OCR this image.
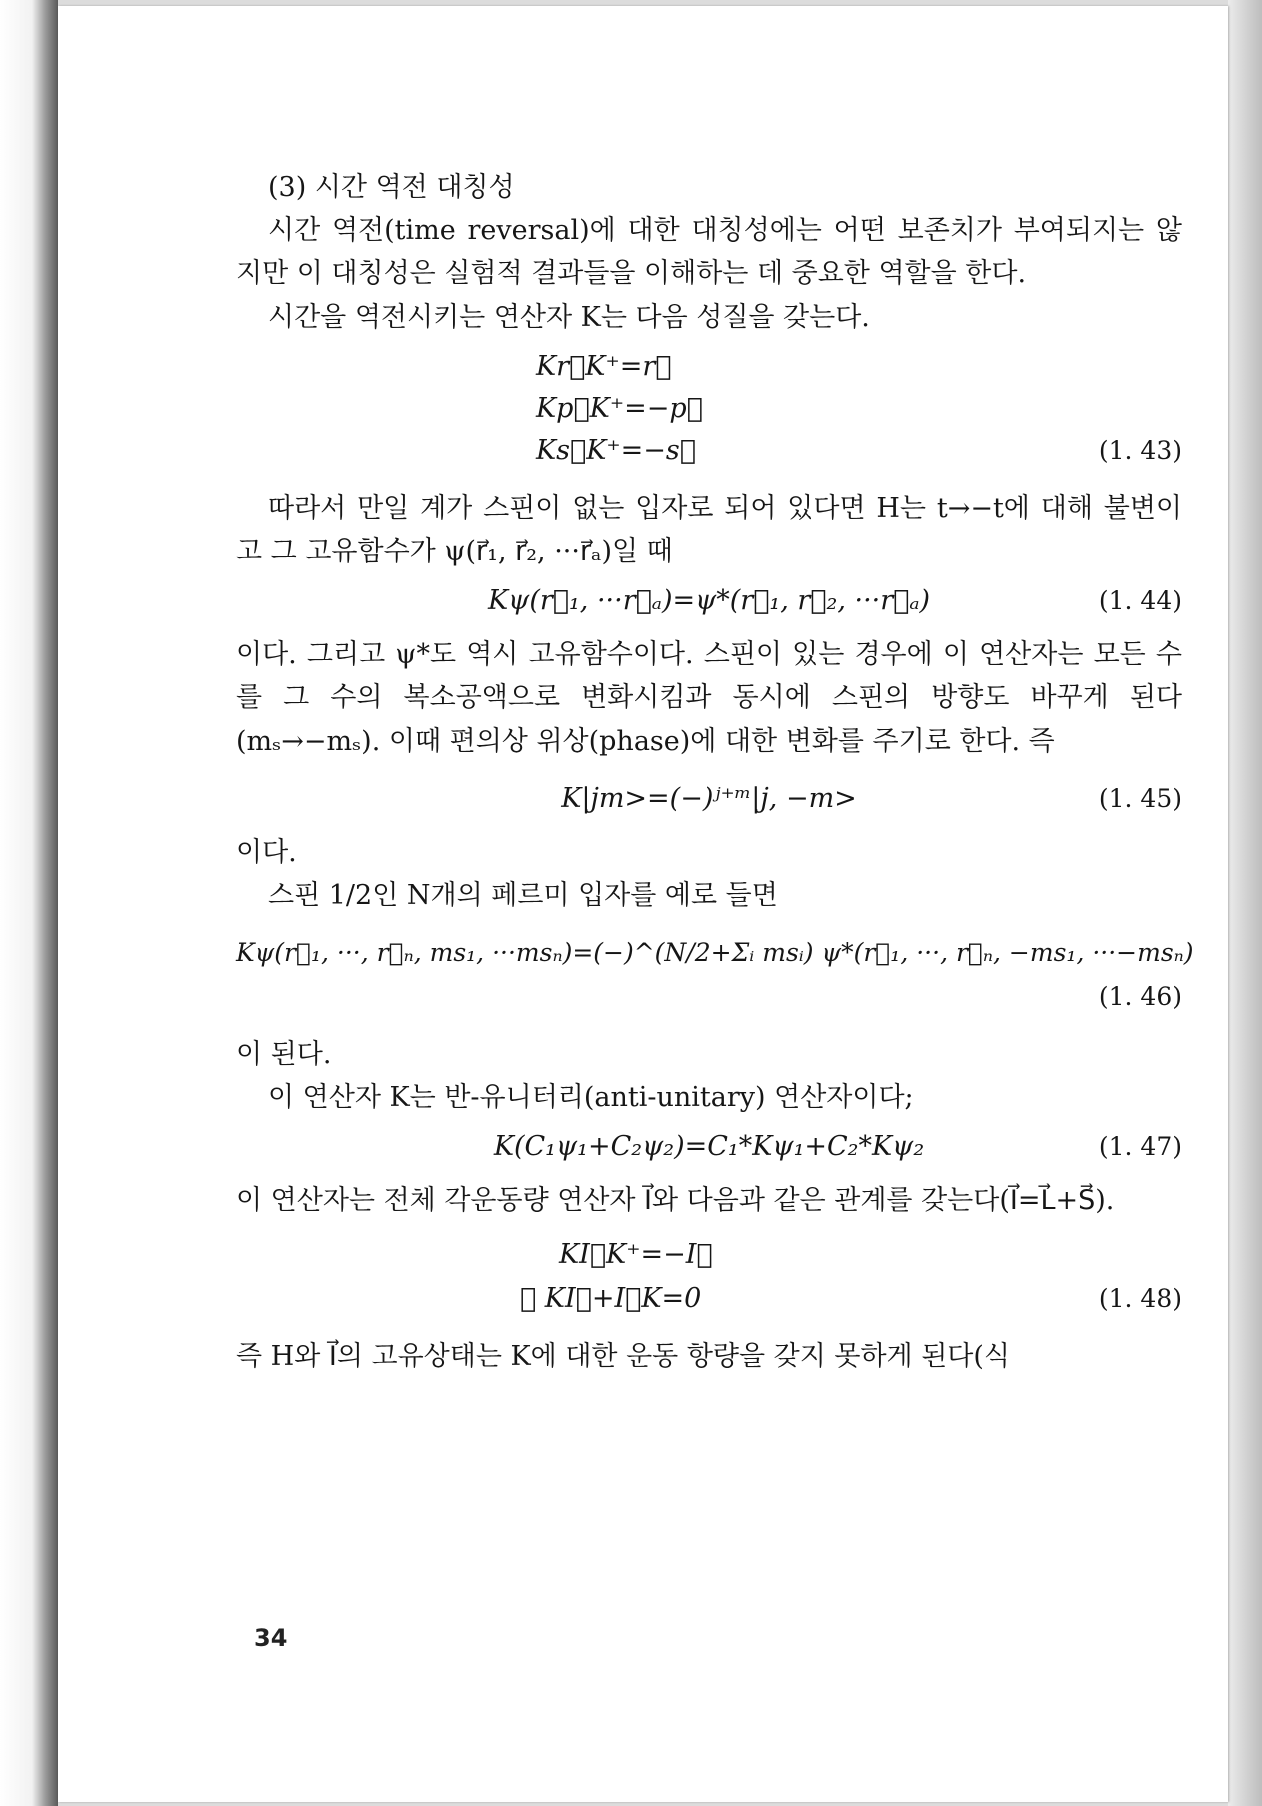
(3) 시간 역전 대칭성

시간 역전(time reversal)에 대한 대칭성에는 어떤 보존치가 부여되지는 않지만 이 대칭성은 실험적 결과들을 이해하는 데 중요한 역할을 한다.

시간을 역전시키는 연산자 K는 다음 성질을 갖는다.

Kr⃗K⁺=r⃗
Kp⃗K⁺=−p⃗
Ks⃗K⁺=−s⃗	(1. 43)

따라서 만일 계가 스핀이 없는 입자로 되어 있다면 H는 t→−t에 대해 불변이고 그 고유함수가 ψ(r⃗₁, r⃗₂, ···r⃗ₐ)일 때

Kψ(r⃗₁, ···r⃗ₐ)=ψ*(r⃗₁, r⃗₂, ···r⃗ₐ)	(1. 44)

이다. 그리고 ψ*도 역시 고유함수이다. 스핀이 있는 경우에 이 연산자는 모든 수를 그 수의 복소공액으로 변화시킴과 동시에 스핀의 방향도 바꾸게 된다(mₛ→−mₛ). 이때 편의상 위상(phase)에 대한 변화를 주기로 한다. 즉

K|jm>=(−)ʲ⁺ᵐ|j, −m>	(1. 45)

이다.

스핀 1/2인 N개의 페르미 입자를 예로 들면

Kψ(r⃗₁, ···, r⃗ₙ, ms₁, ···msₙ)=(−)^(N/2+Σᵢ msᵢ) ψ*(r⃗₁, ···, r⃗ₙ, −ms₁, ···−msₙ)
(1. 46)

이 된다.

이 연산자 K는 반-유니터리(anti-unitary) 연산자이다;

K(C₁ψ₁+C₂ψ₂)=C₁*Kψ₁+C₂*Kψ₂	(1. 47)

이 연산자는 전체 각운동량 연산자 I⃗와 다음과 같은 관계를 갖는다(I⃗=L⃗+S⃗).

KI⃗K⁺=−I⃗
∴ KI⃗+I⃗K=0	(1. 48)

즉 H와 I⃗의 고유상태는 K에 대한 운동 항량을 갖지 못하게 된다(식

34
